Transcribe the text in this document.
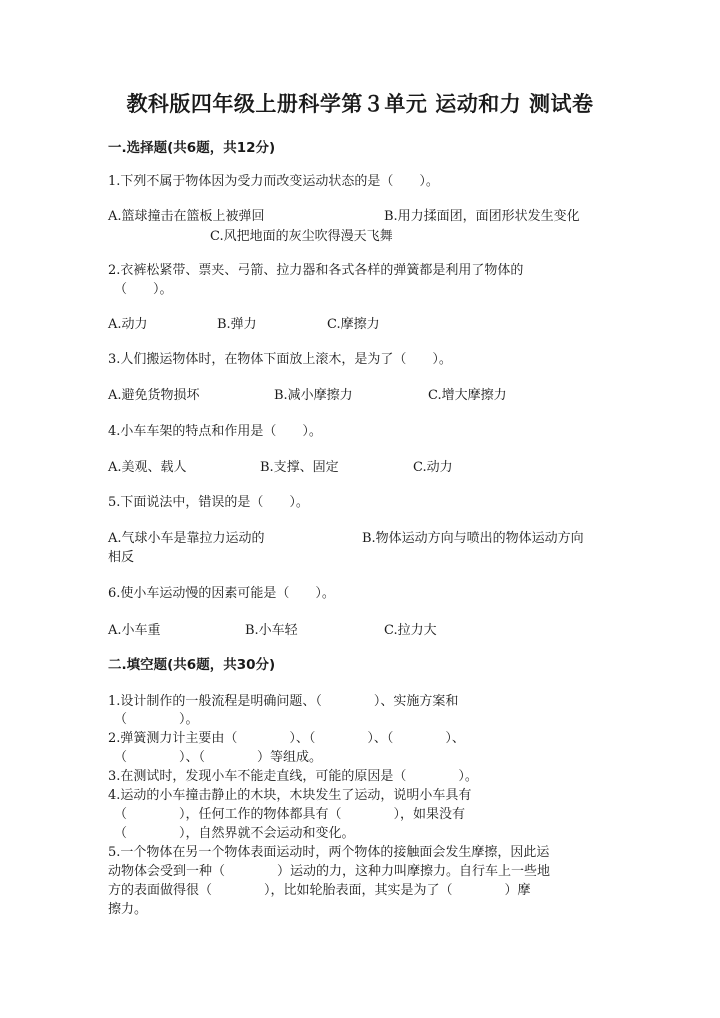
教科版四年级上册科学第３单元 运动和力 测试卷
一.选择题(共6题，共12分)
1.下列不属于物体因为受力而改变运动状态的是（　　）。
A.篮球撞击在篮板上被弹回	B.用力揉面团，面团形状发生变化
C.风把地面的灰尘吹得漫天飞舞
2.衣裤松紧带、票夹、弓箭、拉力器和各式各样的弹簧都是利用了物体的
（　　）。
A.动力	B.弹力	C.摩擦力
3.人们搬运物体时，在物体下面放上滚木，是为了（　　）。
A.避免货物损坏	B.减小摩擦力	C.增大摩擦力
4.小车车架的特点和作用是（　　）。
A.美观、载人	B.支撑、固定	C.动力
5.下面说法中，错误的是（　　）。
A.气球小车是靠拉力运动的	B.物体运动方向与喷出的物体运动方向
相反
6.使小车运动慢的因素可能是（　　）。
A.小车重	B.小车轻	C.拉力大
二.填空题(共6题，共30分)
1.设计制作的一般流程是明确问题、（　　　　）、实施方案和
（　　　　）。
2.弹簧测力计主要由（　　　　）、（　　　　）、（　　　　）、
（　　　　）、（　　　　）等组成。
3.在测试时，发现小车不能走直线，可能的原因是（　　　　）。
4.运动的小车撞击静止的木块，木块发生了运动，说明小车具有
（　　　　），任何工作的物体都具有（　　　　），如果没有
（　　　　），自然界就不会运动和变化。
5.一个物体在另一个物体表面运动时，两个物体的接触面会发生摩擦，因此运
动物体会受到一种（　　　　）运动的力，这种力叫摩擦力。自行车上一些地
方的表面做得很（　　　　），比如轮胎表面，其实是为了（　　　　）摩
擦力。
